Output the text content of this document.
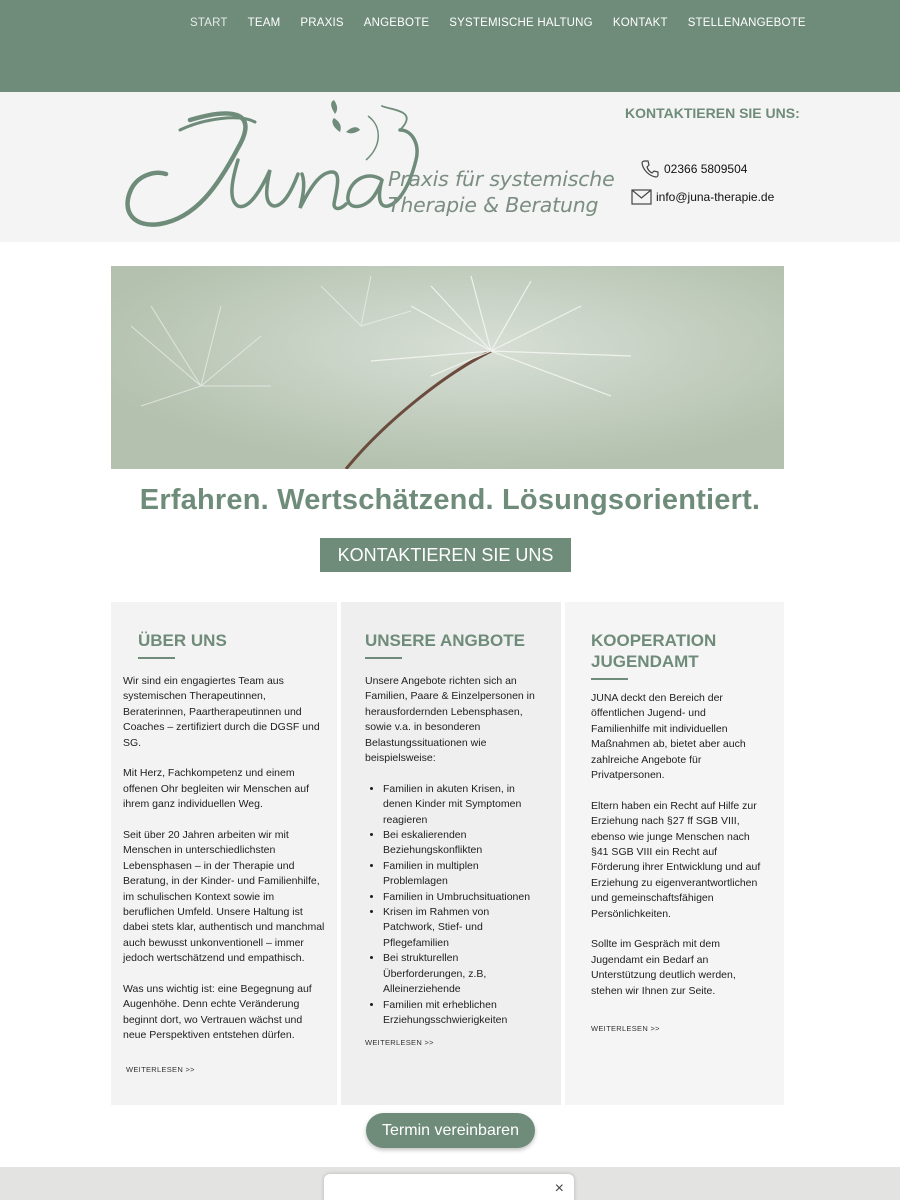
START TEAM PRAXIS ANGEBOTE SYSTEMISCHE HALTUNG KONTAKT STELLENANGEBOTE
Praxis für systemische
Therapie & Beratung
KONTAKTIEREN SIE UNS:
02366 5809504
info@juna-therapie.de
Erfahren. Wertschätzend. Lösungsorientiert.
KONTAKTIEREN SIE UNS
ÜBER UNS

Wir sind ein engagiertes Team aus systemischen Therapeutinnen, Beraterinnen, Paartherapeutinnen und Coaches – zertifiziert durch die DGSF und SG.

Mit Herz, Fachkompetenz und einem offenen Ohr begleiten wir Menschen auf ihrem ganz individuellen Weg.

Seit über 20 Jahren arbeiten wir mit Menschen in unterschiedlichsten Lebensphasen – in der Therapie und Beratung, in der Kinder- und Familienhilfe, im schulischen Kontext sowie im beruflichen Umfeld. Unsere Haltung ist dabei stets klar, authentisch und manchmal auch bewusst unkonventionell – immer jedoch wertschätzend und empathisch.

Was uns wichtig ist: eine Begegnung auf Augenhöhe. Denn echte Veränderung beginnt dort, wo Vertrauen wächst und neue Perspektiven entstehen dürfen.

WEITERLESEN >>
UNSERE ANGBOTE

Unsere Angebote richten sich an Familien, Paare & Einzelpersonen in herausfordernden Lebensphasen, sowie v.a. in besonderen Belastungssituationen wie beispielsweise:

• Familien in akuten Krisen, in denen Kinder mit Symptomen reagieren
• Bei eskalierenden Beziehungskonflikten
• Familien in multiplen Problemlagen
• Familien in Umbruchsituationen
• Krisen im Rahmen von Patchwork, Stief- und Pflegefamilien
• Bei strukturellen Überforderungen, z.B, Alleinerziehende
• Familien mit erheblichen Erziehungsschwierigkeiten
WEITERLESEN >>
KOOPERATION
JUGENDAMT

JUNA deckt den Bereich der öffentlichen Jugend- und Familienhilfe mit individuellen Maßnahmen ab, bietet aber auch zahlreiche Angebote für Privatpersonen.

Eltern haben ein Recht auf Hilfe zur Erziehung nach §27 ff SGB VIII, ebenso wie junge Menschen nach §41 SGB VIII ein Recht auf Förderung ihrer Entwicklung und auf Erziehung zu eigenverantwortlichen und gemeinschaftsfähigen Persönlichkeiten.

Sollte im Gespräch mit dem Jugendamt ein Bedarf an Unterstützung deutlich werden, stehen wir Ihnen zur Seite.

WEITERLESEN >>
Termin vereinbaren
×
